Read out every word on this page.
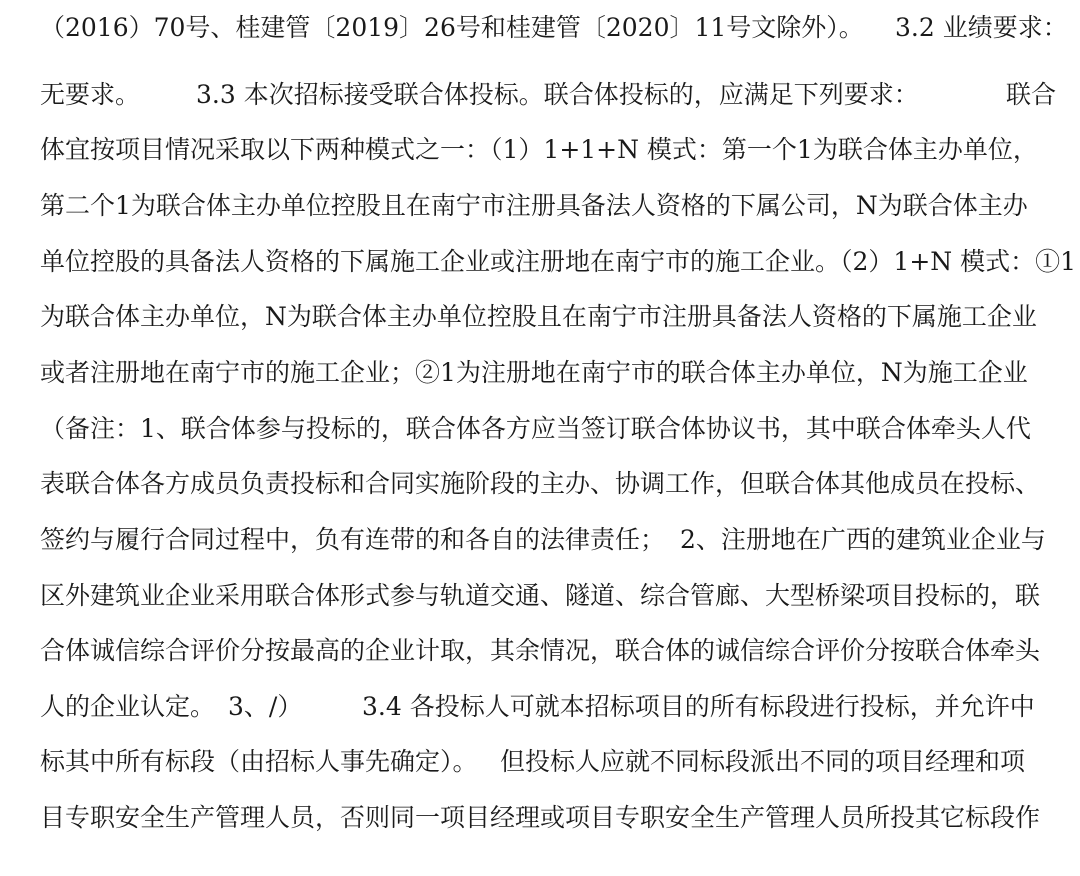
（2016）70号、桂建管〔2019〕26号和桂建管〔2020〕11号文除外）。

3.2 业绩要求：

无要求。

3.3 本次招标接受联合体投标。联合体投标的，应满足下列要求：

	联合

体宜按项目情况采取以下两种模式之一：（1）1+1+N 模式：第一个1为联合体主办单位，

第二个1为联合体主办单位控股且在南宁市注册具备法人资格的下属公司，N为联合体主办

单位控股的具备法人资格的下属施工企业或注册地在南宁市的施工企业。（2）1+N 模式：①1

为联合体主办单位，N为联合体主办单位控股且在南宁市注册具备法人资格的下属施工企业

或者注册地在南宁市的施工企业；②1为注册地在南宁市的联合体主办单位，N为施工企业

（备注：1、联合体参与投标的，联合体各方应当签订联合体协议书，其中联合体牵头人代

表联合体各方成员负责投标和合同实施阶段的主办、协调工作，但联合体其他成员在投标、

签约与履行合同过程中，负有连带的和各自的法律责任；

2、注册地在广西的建筑业企业与

区外建筑业企业采用联合体形式参与轨道交通、隧道、综合管廊、大型桥梁项目投标的，联

合体诚信综合评价分按最高的企业计取，其余情况，联合体的诚信综合评价分按联合体牵头

人的企业认定。

3、/）

3.4 各投标人可就本招标项目的所有标段进行投标，并允许中

标其中所有标段（由招标人事先确定）。

但投标人应就不同标段派出不同的项目经理和项

目专职安全生产管理人员，否则同一项目经理或项目专职安全生产管理人员所投其它标段作
